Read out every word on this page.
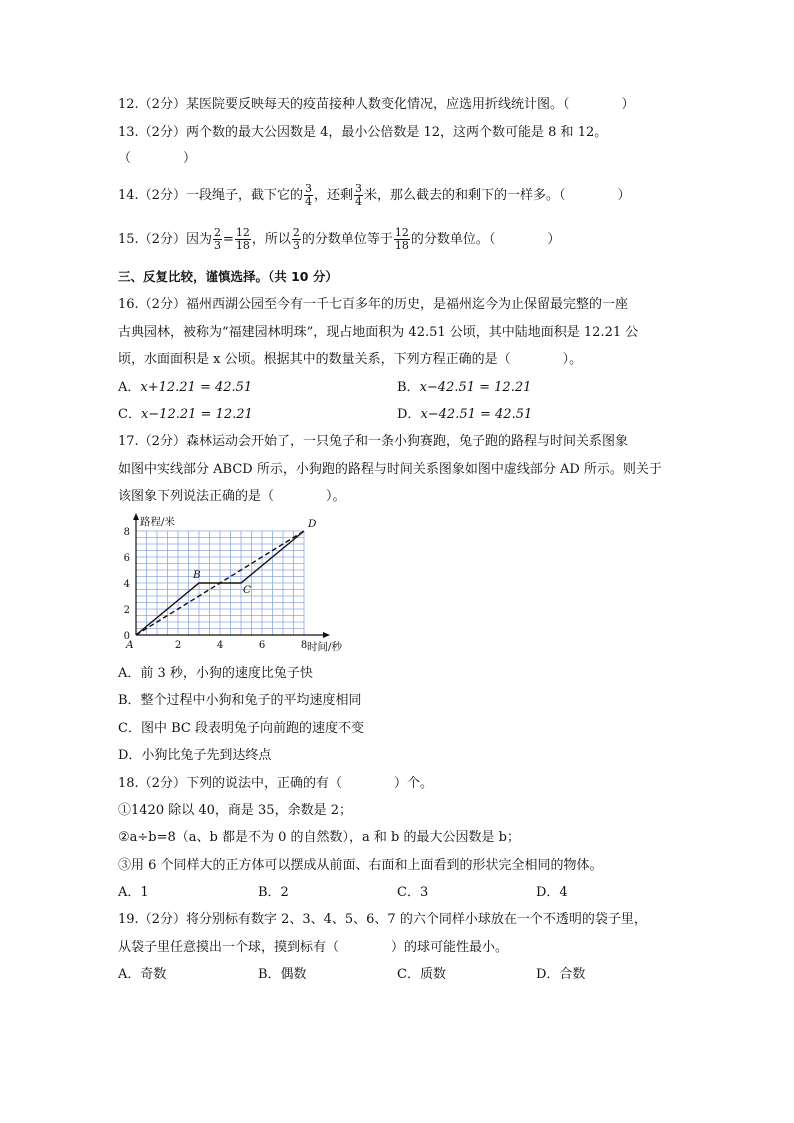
12.（2分）某医院要反映每天的疫苗接种人数变化情况，应选用折线统计图。（　　　　）
13.（2分）两个数的最大公因数是 4，最小公倍数是 12，这两个数可能是 8 和 12。
（　　　　）
14.（2分）一段绳子，截下它的 $\frac{3}{4}$ ，还剩 $\frac{3}{4}$ 米，那么截去的和剩下的一样多。（　　　　）
15.（2分）因为 $\frac{2}{3} = \frac{12}{18}$ ，所以 $\frac{2}{3}$ 的分数单位等于 $\frac{12}{18}$ 的分数单位。（　　　　）
三、反复比较，谨慎选择。（共 10 分）
16.（2分）福州西湖公园至今有一千七百多年的历史，是福州迄今为止保留最完整的一座
古典园林，被称为“福建园林明珠”，现占地面积为 42.51 公顷，其中陆地面积是 12.21 公
顷，水面面积是 x 公顷。根据其中的数量关系，下列方程正确的是（　　　　）。
A．x+12.21 = 42.51	B．x−42.51 = 12.21
C．x−12.21 = 12.21	D．x−42.51 = 42.51
17.（2分）森林运动会开始了，一只兔子和一条小狗赛跑，兔子跑的路程与时间关系图象
如图中实线部分 ABCD 所示，小狗跑的路程与时间关系图象如图中虚线部分 AD 所示。则关于
该图象下列说法正确的是（　　　　）。
2	4	6	8
0
2
4
6
8
A
B
C
D
路程/米
时间/秒
A．前 3 秒，小狗的速度比兔子快
B．整个过程中小狗和兔子的平均速度相同
C．图中 BC 段表明兔子向前跑的速度不变
D．小狗比兔子先到达终点
18.（2分）下列的说法中，正确的有（　　　　）个。
①1420 除以 40，商是 35，余数是 2；
②a÷b=8（a、b 都是不为 0 的自然数），a 和 b 的最大公因数是 b；
③用 6 个同样大的正方体可以摆成从前面、右面和上面看到的形状完全相同的物体。
A．1	B．2	C．3	D．4
19.（2分）将分别标有数字 2、3、4、5、6、7 的六个同样小球放在一个不透明的袋子里，
从袋子里任意摸出一个球，摸到标有（　　　　）的球可能性最小。
A．奇数	B．偶数	C．质数	D．合数
